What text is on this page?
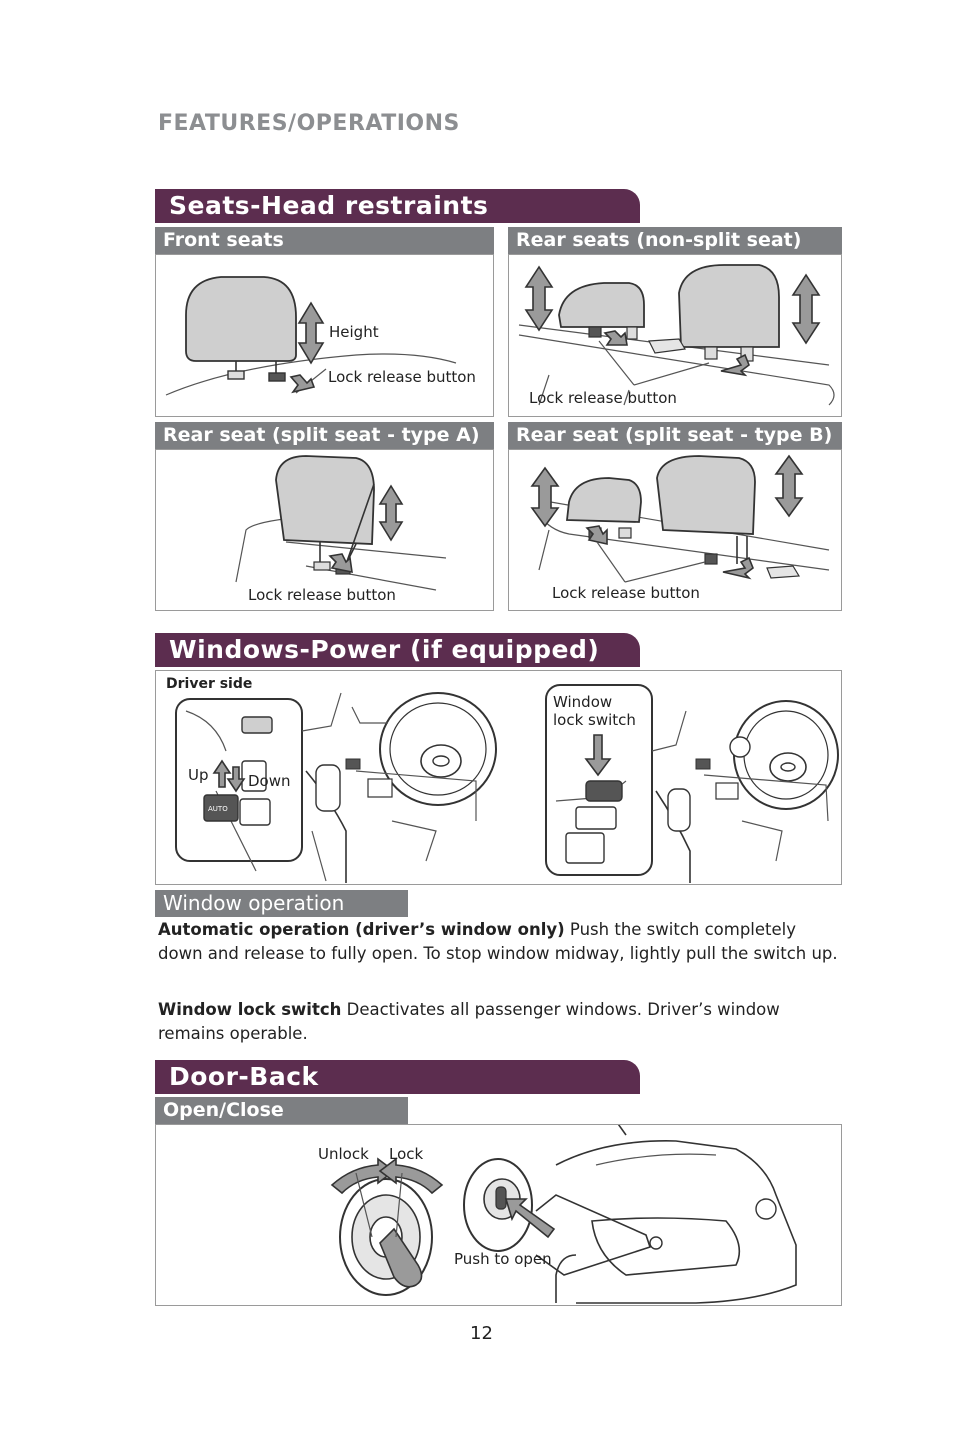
FEATURES/OPERATIONS
Seats-Head restraints
Front seats
Height
Lock release button
Rear seats (non-split seat)
Lock release button
Rear seat (split seat - type A)
Lock release button
Rear seat (split seat - type B)
Lock release button
Windows-Power (if equipped)
AUTO
Driver side
Up	Down
Window
lock switch
Window operation
Automatic operation (driver’s window only) Push the switch completely down and release to fully open. To stop window midway, lightly pull the switch up.
Window lock switch Deactivates all passenger windows. Driver’s window remains operable.
Door-Back
Open/Close
Unlock Lock
Push to open
12
